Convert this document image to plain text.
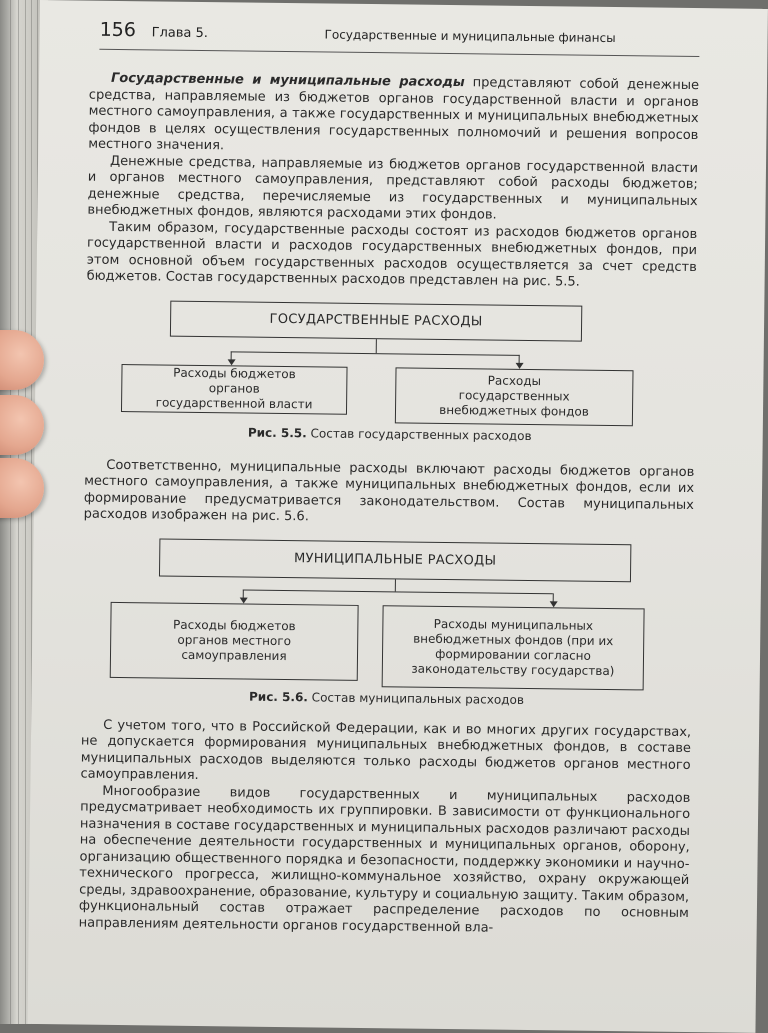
156 Глава 5.	Государственные и муниципальные финансы

Государственные и муниципальные расходы представляют собой денежные средства, направляемые из бюджетов органов государственной власти и органов местного самоуправления, а также государственных и муниципальных внебюджетных фондов в целях осуществления государственных полномочий и решения вопросов местного значения.

Денежные средства, направляемые из бюджетов органов государственной власти и органов местного самоуправления, представляют собой расходы бюджетов; денежные средства, перечисляемые из государственных и муниципальных внебюджетных фондов, являются расходами этих фондов.

Таким образом, государственные расходы состоят из расходов бюджетов органов государственной власти и расходов государственных внебюджетных фондов, при этом основной объем государственных расходов осуществляется за счет средств бюджетов. Состав государственных расходов представлен на рис. 5.5.

ГОСУДАРСТВЕННЫЕ РАСХОДЫ
Расходы бюджетов органов государственной власти
Расходы государственных внебюджетных фондов
Рис. 5.5. Состав государственных расходов

Соответственно, муниципальные расходы включают расходы бюджетов органов местного самоуправления, а также муниципальных внебюджетных фондов, если их формирование предусматривается законодательством. Состав муниципальных расходов изображен на рис. 5.6.

МУНИЦИПАЛЬНЫЕ РАСХОДЫ
Расходы бюджетов органов местного самоуправления
Расходы муниципальных внебюджетных фондов (при их формировании согласно законодательству государства)
Рис. 5.6. Состав муниципальных расходов

С учетом того, что в Российской Федерации, как и во многих других государствах, не допускается формирования муниципальных внебюджетных фондов, в составе муниципальных расходов выделяются только расходы бюджетов органов местного самоуправления.

Многообразие видов государственных и муниципальных расходов предусматривает необходимость их группировки. В зависимости от функционального назначения в составе государственных и муниципальных расходов различают расходы на обеспечение деятельности государственных и муниципальных органов, оборону, организацию общественного порядка и безопасности, поддержку экономики и научно-технического прогресса, жилищно-коммунальное хозяйство, охрану окружающей среды, здравоохранение, образование, культуру и социальную защиту. Таким образом, функциональный состав отражает распределение расходов по основным направлениям деятельности органов государственной вла-
